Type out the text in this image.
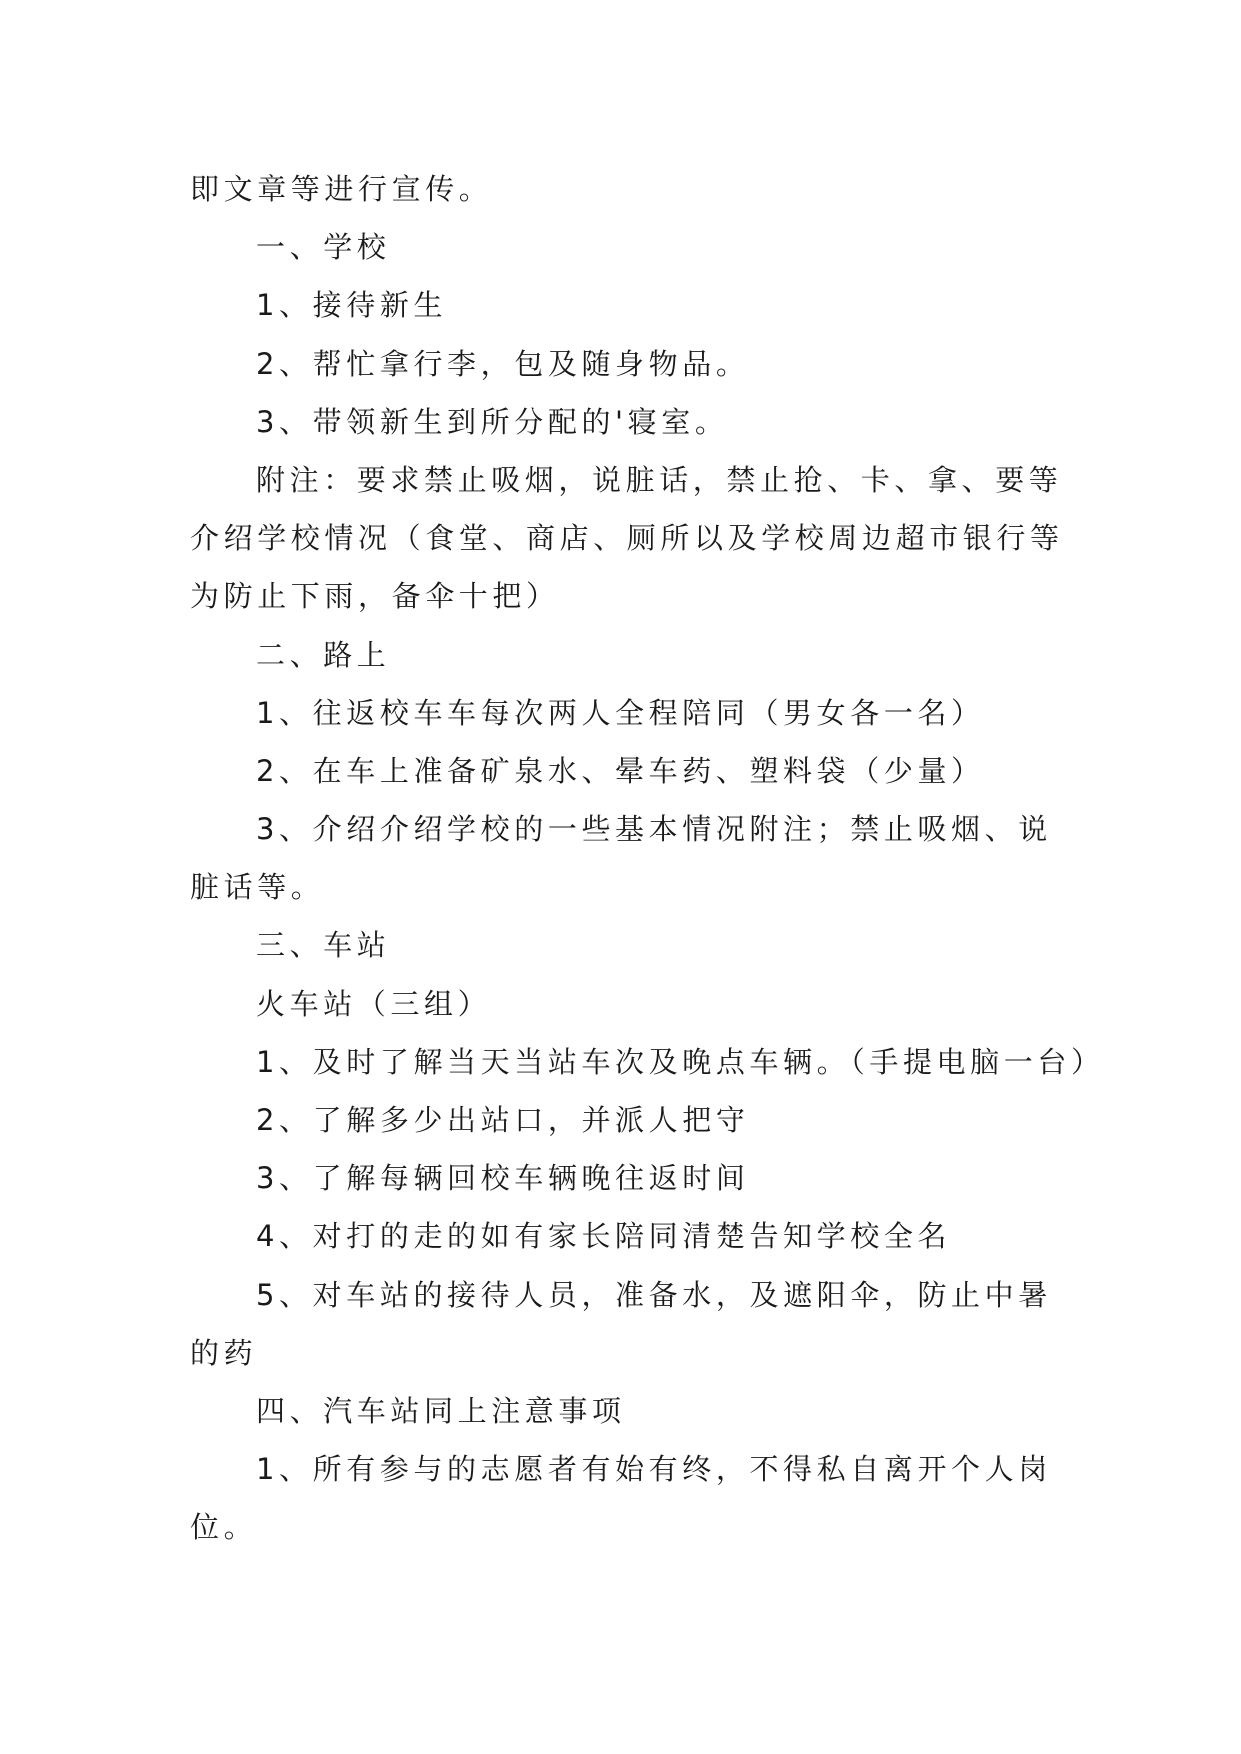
即文章等进行宣传。
一、学校
1、接待新生
2、帮忙拿行李，包及随身物品。
3、带领新生到所分配的'寝室。
附注：要求禁止吸烟，说脏话，禁止抢、卡、拿、要等
介绍学校情况（食堂、商店、厕所以及学校周边超市银行等
为防止下雨，备伞十把）
二、路上
1、往返校车车每次两人全程陪同（男女各一名）
2、在车上准备矿泉水、晕车药、塑料袋（少量）
3、介绍介绍学校的一些基本情况附注；禁止吸烟、说
脏话等。
三、车站
火车站（三组）
1、及时了解当天当站车次及晚点车辆。（手提电脑一台）
2、了解多少出站口，并派人把守
3、了解每辆回校车辆晚往返时间
4、对打的走的如有家长陪同清楚告知学校全名
5、对车站的接待人员，准备水，及遮阳伞，防止中暑
的药
四、汽车站同上注意事项
1、所有参与的志愿者有始有终，不得私自离开个人岗
位。
